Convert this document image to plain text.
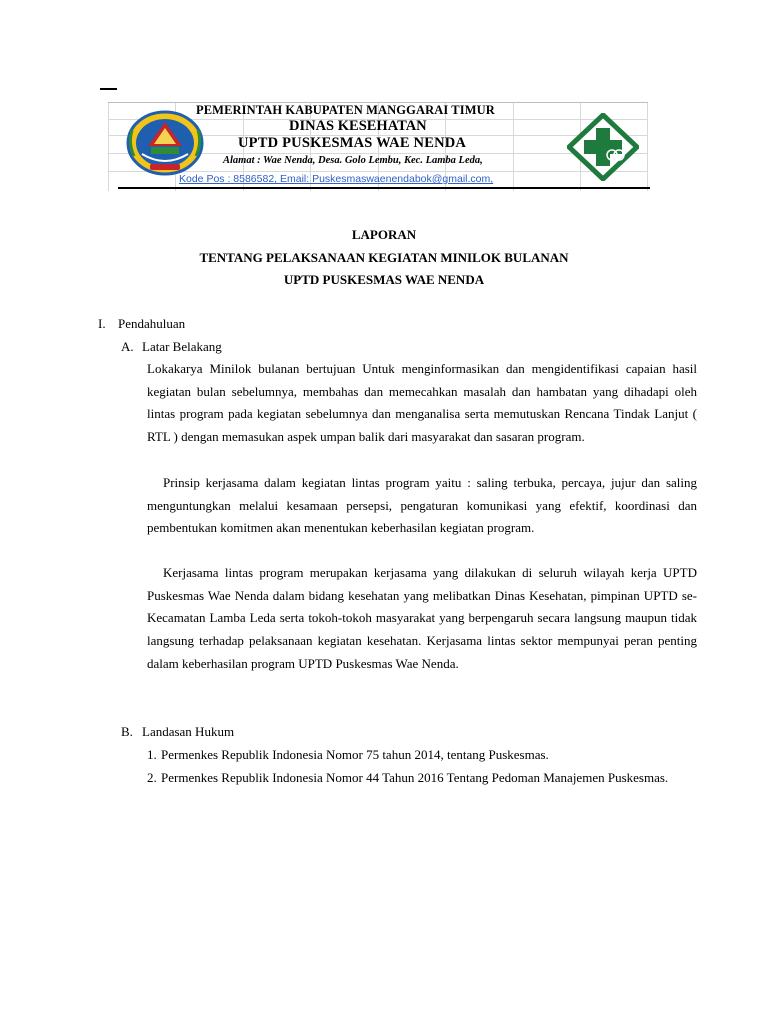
PEMERINTAH KABUPATEN MANGGARAI TIMUR
DINAS KESEHATAN
UPTD PUSKESMAS WAE NENDA
Alamat : Wae Nenda, Desa. Golo Lembu, Kec. Lamba Leda,
Kode Pos : 8586582, Email: Puskesmaswaenendabok@gmail.com,
LAPORAN
TENTANG PELAKSANAAN KEGIATAN MINILOK BULANAN
UPTD PUSKESMAS WAE NENDA
I. Pendahuluan
A. Latar Belakang
Lokakarya Minilok bulanan bertujuan Untuk menginformasikan dan mengidentifikasi capaian hasil kegiatan bulan sebelumnya, membahas dan memecahkan masalah dan hambatan yang dihadapi oleh lintas program pada kegiatan sebelumnya dan menganalisa serta memutuskan Rencana Tindak Lanjut ( RTL ) dengan memasukan aspek umpan balik dari masyarakat dan sasaran program.
Prinsip kerjasama dalam kegiatan lintas program yaitu : saling terbuka, percaya, jujur dan saling menguntungkan melalui kesamaan persepsi, pengaturan komunikasi yang efektif, koordinasi dan pembentukan komitmen akan menentukan keberhasilan kegiatan program.
Kerjasama lintas program merupakan kerjasama yang dilakukan di seluruh wilayah kerja UPTD Puskesmas Wae Nenda dalam bidang kesehatan yang melibatkan Dinas Kesehatan, pimpinan UPTD se-Kecamatan Lamba Leda serta tokoh-tokoh masyarakat yang berpengaruh secara langsung maupun tidak langsung terhadap pelaksanaan kegiatan kesehatan. Kerjasama lintas sektor mempunyai peran penting dalam keberhasilan program UPTD Puskesmas Wae Nenda.
B. Landasan Hukum
1. Permenkes Republik Indonesia Nomor 75 tahun 2014, tentang Puskesmas.
2. Permenkes Republik Indonesia Nomor 44 Tahun 2016 Tentang Pedoman Manajemen Puskesmas.
